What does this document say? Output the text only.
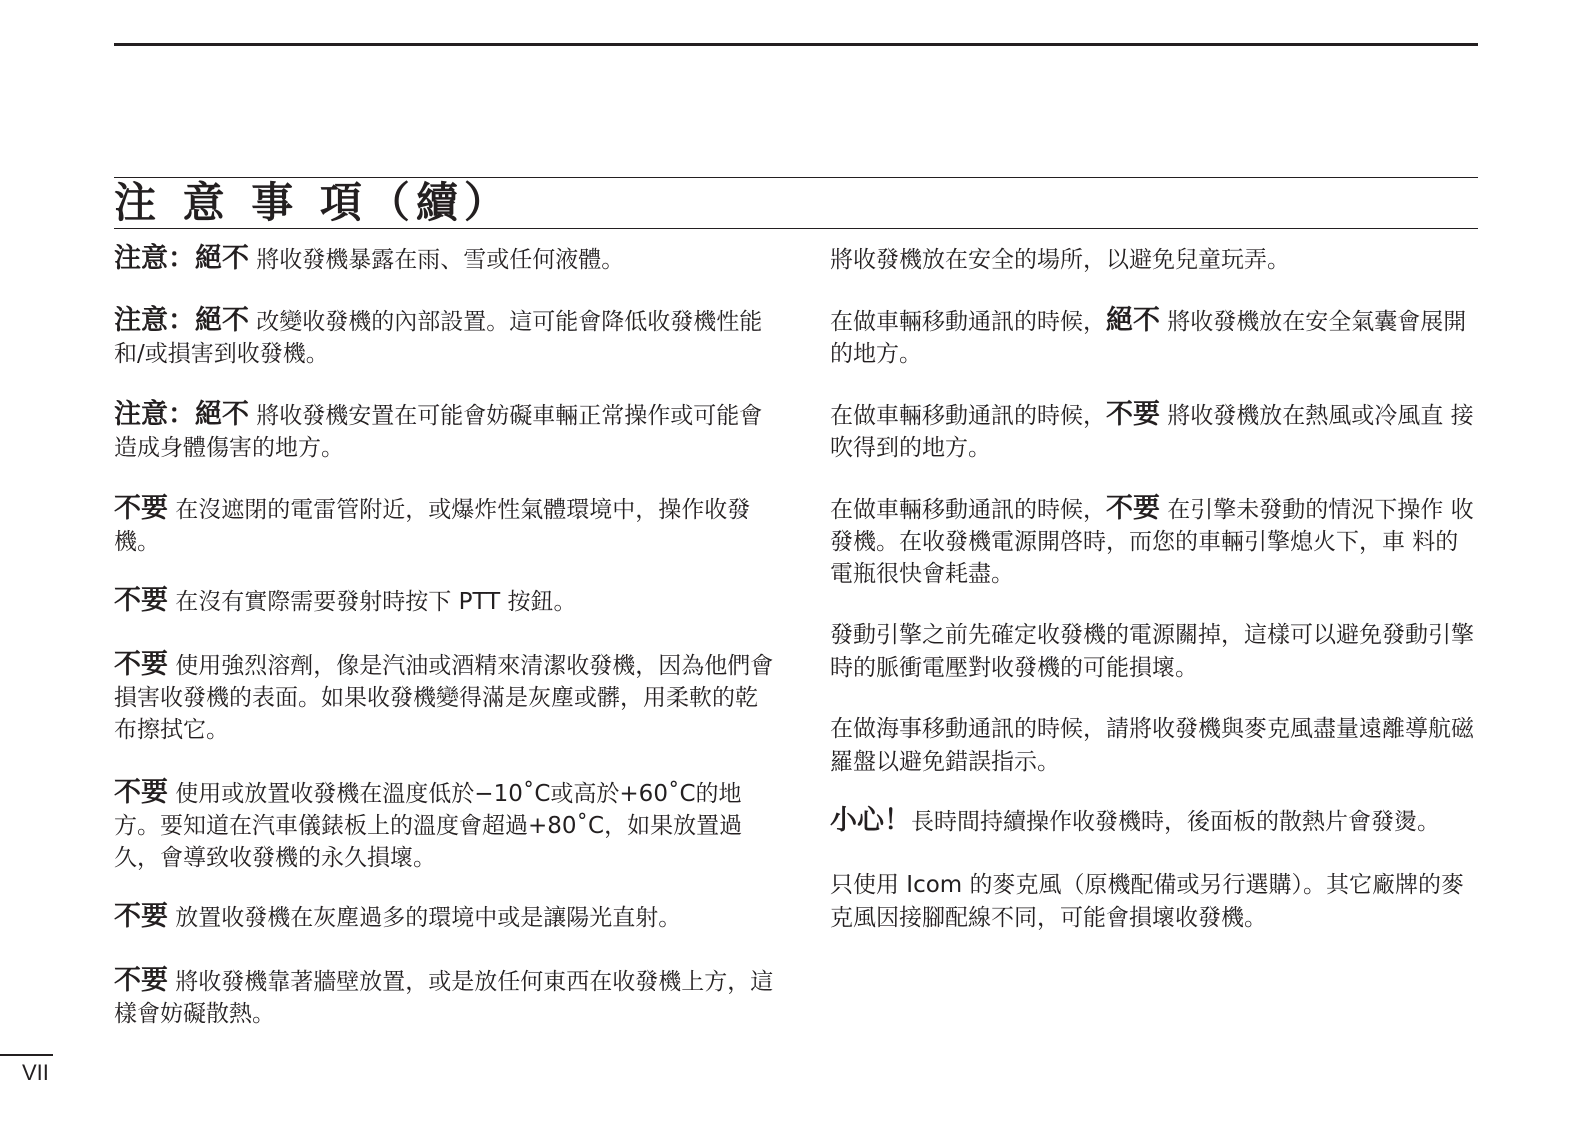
注 意 事 項（續）

注意：絕不 將收發機暴露在雨、雪或任何液體。

注意：絕不 改變收發機的內部設置。這可能會降低收發機性能和/或損害到收發機。

注意：絕不 將收發機安置在可能會妨礙車輛正常操作或可能會造成身體傷害的地方。

不要 在沒遮閉的電雷管附近，或爆炸性氣體環境中，操作收發機。

不要 在沒有實際需要發射時按下 PTT 按鈕。

不要 使用強烈溶劑，像是汽油或酒精來清潔收發機，因為他們會損害收發機的表面。如果收發機變得滿是灰塵或髒，用柔軟的乾布擦拭它。

不要 使用或放置收發機在溫度低於−10˚C或高於+60˚C的地方。要知道在汽車儀錶板上的溫度會超過+80˚C，如果放置過久，會導致收發機的永久損壞。

不要 放置收發機在灰塵過多的環境中或是讓陽光直射。

不要 將收發機靠著牆壁放置，或是放任何東西在收發機上方，這樣會妨礙散熱。

將收發機放在安全的場所，以避免兒童玩弄。

在做車輛移動通訊的時候，絕不 將收發機放在安全氣囊會展開的地方。

在做車輛移動通訊的時候，不要 將收發機放在熱風或冷風直 接吹得到的地方。

在做車輛移動通訊的時候，不要 在引擎未發動的情況下操作 收發機。在收發機電源開啓時，而您的車輛引擎熄火下，車 料的電瓶很快會耗盡。

發動引擎之前先確定收發機的電源關掉，這樣可以避免發動引擎時的脈衝電壓對收發機的可能損壞。

在做海事移動通訊的時候，請將收發機與麥克風盡量遠離導航磁羅盤以避免錯誤指示。

小心！長時間持續操作收發機時，後面板的散熱片會發燙。

只使用 Icom 的麥克風（原機配備或另行選購）。其它廠牌的麥克風因接腳配線不同，可能會損壞收發機。

VII
